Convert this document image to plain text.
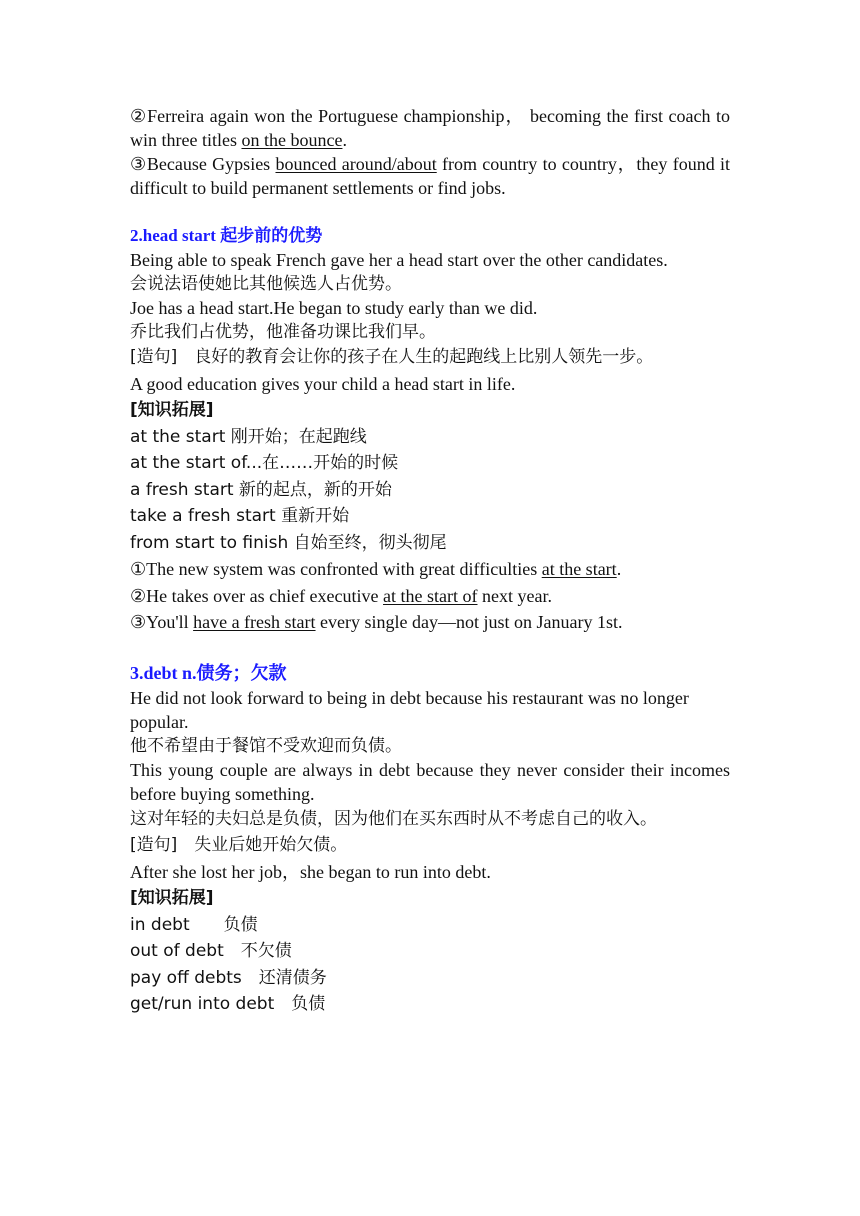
②Ferreira again won the Portuguese championship， becoming the first coach to win three titles on the bounce.

③Because Gypsies bounced around/about from country to country，they found it difficult to build permanent settlements or find jobs.

2.head start 起步前的优势

Being able to speak French gave her a head start over the other candidates.

会说法语使她比其他候选人占优势。

Joe has a head start.He began to study early than we did.

乔比我们占优势，他准备功课比我们早。

[造句]　良好的教育会让你的孩子在人生的起跑线上比别人领先一步。

A good education gives your child a head start in life.

[知识拓展]

at the start 刚开始；在起跑线

at the start of...在……开始的时候

a fresh start 新的起点，新的开始

take a fresh start 重新开始

from start to finish 自始至终，彻头彻尾

①The new system was confronted with great difficulties at the start.

②He takes over as chief executive at the start of next year.

③You'll have a fresh start every single day—not just on January 1st.

3.debt n.债务；欠款

He did not look forward to being in debt because his restaurant was no longer popular.

他不希望由于餐馆不受欢迎而负债。

This young couple are always in debt because they never consider their incomes before buying something.

这对年轻的夫妇总是负债，因为他们在买东西时从不考虑自己的收入。

[造句]　失业后她开始欠债。

After she lost her job，she began to run into debt.

[知识拓展]

in debt　　负债

out of debt　不欠债

pay off debts　还清债务

get/run into debt　负债
